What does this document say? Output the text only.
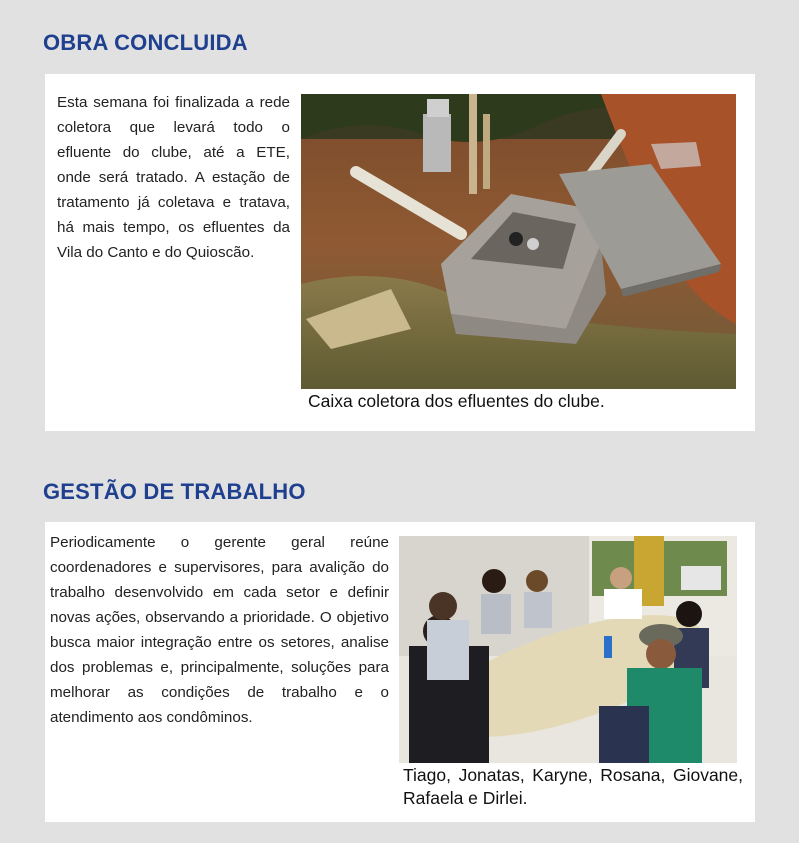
OBRA CONCLUIDA

Esta semana foi finalizada a rede coletora que levará todo o efluente do clube, até a ETE, onde será tratado. A estação de tratamento já coletava e tratava, há mais tempo, os efluentes da Vila do Canto e do Quioscão.

Caixa coletora dos efluentes do clube.

GESTÃO DE TRABALHO

Periodicamente o gerente geral reúne coordenadores e supervisores, para avalição do trabalho desenvolvido em cada setor e definir novas ações, observando a prioridade. O objetivo busca maior integração entre os setores, analise dos problemas e, principalmente, soluções para melhorar as condições de trabalho e o atendimento aos condôminos.

Tiago, Jonatas, Karyne, Rosana, Giovane, Rafaela e Dirlei.
